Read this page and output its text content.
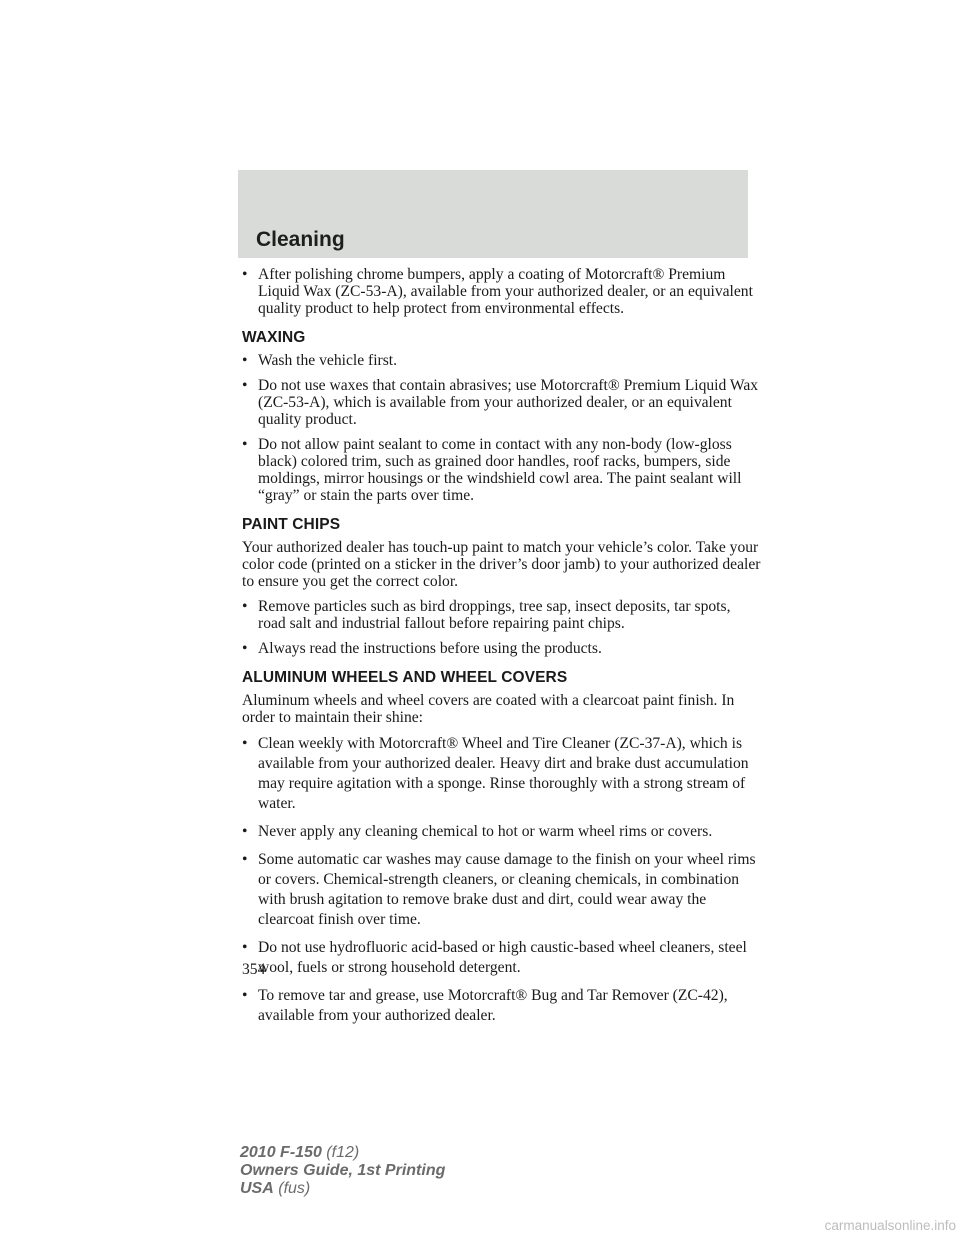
Cleaning
• After polishing chrome bumpers, apply a coating of Motorcraft® Premium Liquid Wax (ZC-53-A), available from your authorized dealer, or an equivalent quality product to help protect from environmental effects.
WAXING
• Wash the vehicle first.
• Do not use waxes that contain abrasives; use Motorcraft® Premium Liquid Wax (ZC-53-A), which is available from your authorized dealer, or an equivalent quality product.
• Do not allow paint sealant to come in contact with any non-body (low-gloss black) colored trim, such as grained door handles, roof racks, bumpers, side moldings, mirror housings or the windshield cowl area. The paint sealant will “gray” or stain the parts over time.
PAINT CHIPS
Your authorized dealer has touch-up paint to match your vehicle’s color. Take your color code (printed on a sticker in the driver’s door jamb) to your authorized dealer to ensure you get the correct color.
• Remove particles such as bird droppings, tree sap, insect deposits, tar spots, road salt and industrial fallout before repairing paint chips.
• Always read the instructions before using the products.
ALUMINUM WHEELS AND WHEEL COVERS
Aluminum wheels and wheel covers are coated with a clearcoat paint finish. In order to maintain their shine:
• Clean weekly with Motorcraft® Wheel and Tire Cleaner (ZC-37-A), which is available from your authorized dealer. Heavy dirt and brake dust accumulation may require agitation with a sponge. Rinse thoroughly with a strong stream of water.
• Never apply any cleaning chemical to hot or warm wheel rims or covers.
• Some automatic car washes may cause damage to the finish on your wheel rims or covers. Chemical-strength cleaners, or cleaning chemicals, in combination with brush agitation to remove brake dust and dirt, could wear away the clearcoat finish over time.
• Do not use hydrofluoric acid-based or high caustic-based wheel cleaners, steel wool, fuels or strong household detergent.
• To remove tar and grease, use Motorcraft® Bug and Tar Remover (ZC-42), available from your authorized dealer.
354
2010 F-150 (f12)
Owners Guide, 1st Printing
USA (fus)
carmanualsonline.info
